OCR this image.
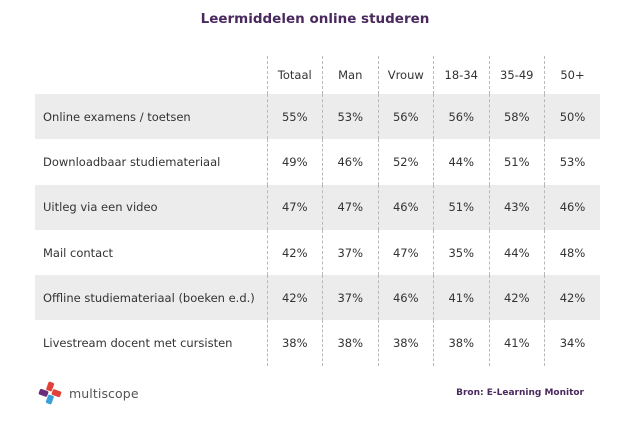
Leermiddelen online studeren
	Totaal	Man	Vrouw	18-34	35-49	50+
Online examens / toetsen	55%	53%	56%	56%	58%	50%
Downloadbaar studiemateriaal	49%	46%	52%	44%	51%	53%
Uitleg via een video	47%	47%	46%	51%	43%	46%
Mail contact	42%	37%	47%	35%	44%	48%
Offline studiemateriaal (boeken e.d.)	42%	37%	46%	41%	42%	42%
Livestream docent met cursisten	38%	38%	38%	38%	41%	34%
multiscope	Bron: E-Learning Monitor
